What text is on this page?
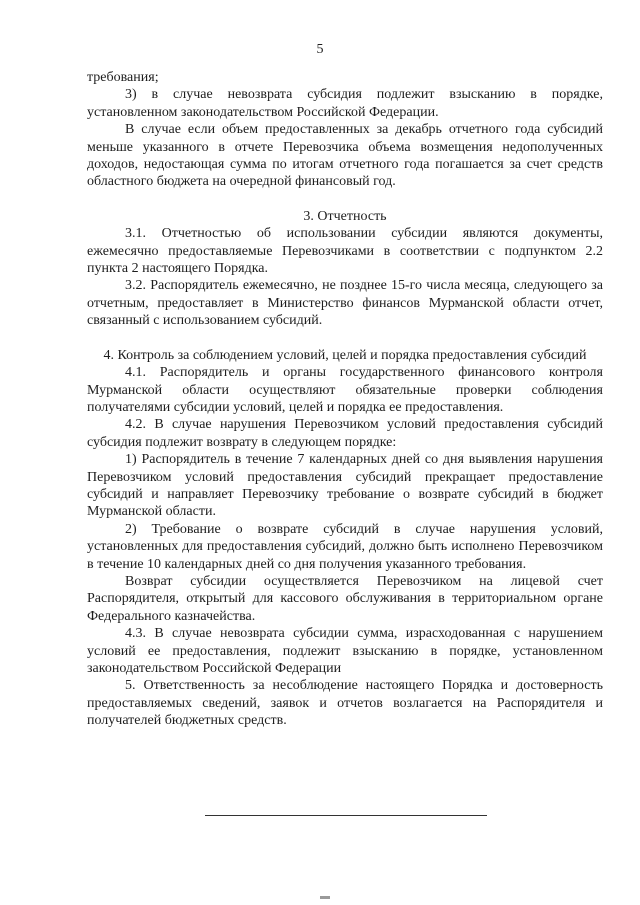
5

требования;

3) в случае невозврата субсидия подлежит взысканию в порядке, установленном законодательством Российской Федерации.

В случае если объем предоставленных за декабрь отчетного года субсидий меньше указанного в отчете Перевозчика объема возмещения недополученных доходов, недостающая сумма по итогам отчетного года погашается за счет средств областного бюджета на очередной финансовый год.

3. Отчетность

3.1. Отчетностью об использовании субсидии являются документы, ежемесячно предоставляемые Перевозчиками в соответствии с подпунктом 2.2 пункта 2 настоящего Порядка.

3.2. Распорядитель ежемесячно, не позднее 15-го числа месяца, следующего за отчетным, предоставляет в Министерство финансов Мурманской области отчет, связанный с использованием субсидий.

4. Контроль за соблюдением условий, целей и порядка предоставления субсидий

4.1. Распорядитель и органы государственного финансового контроля Мурманской области осуществляют обязательные проверки соблюдения получателями субсидии условий, целей и порядка ее предоставления.

4.2. В случае нарушения Перевозчиком условий предоставления субсидий субсидия подлежит возврату в следующем порядке:

1) Распорядитель в течение 7 календарных дней со дня выявления нарушения Перевозчиком условий предоставления субсидий прекращает предоставление субсидий и направляет Перевозчику требование о возврате субсидий в бюджет Мурманской области.

2) Требование о возврате субсидий в случае нарушения условий, установленных для предоставления субсидий, должно быть исполнено Перевозчиком в течение 10 календарных дней со дня получения указанного требования.

Возврат субсидии осуществляется Перевозчиком на лицевой счет Распорядителя, открытый для кассового обслуживания в территориальном органе Федерального казначейства.

4.3. В случае невозврата субсидии сумма, израсходованная с нарушением условий ее предоставления, подлежит взысканию в порядке, установленном законодательством Российской Федерации

5. Ответственность за несоблюдение настоящего Порядка и достоверность предоставляемых сведений, заявок и отчетов возлагается на Распорядителя и получателей бюджетных средств.
